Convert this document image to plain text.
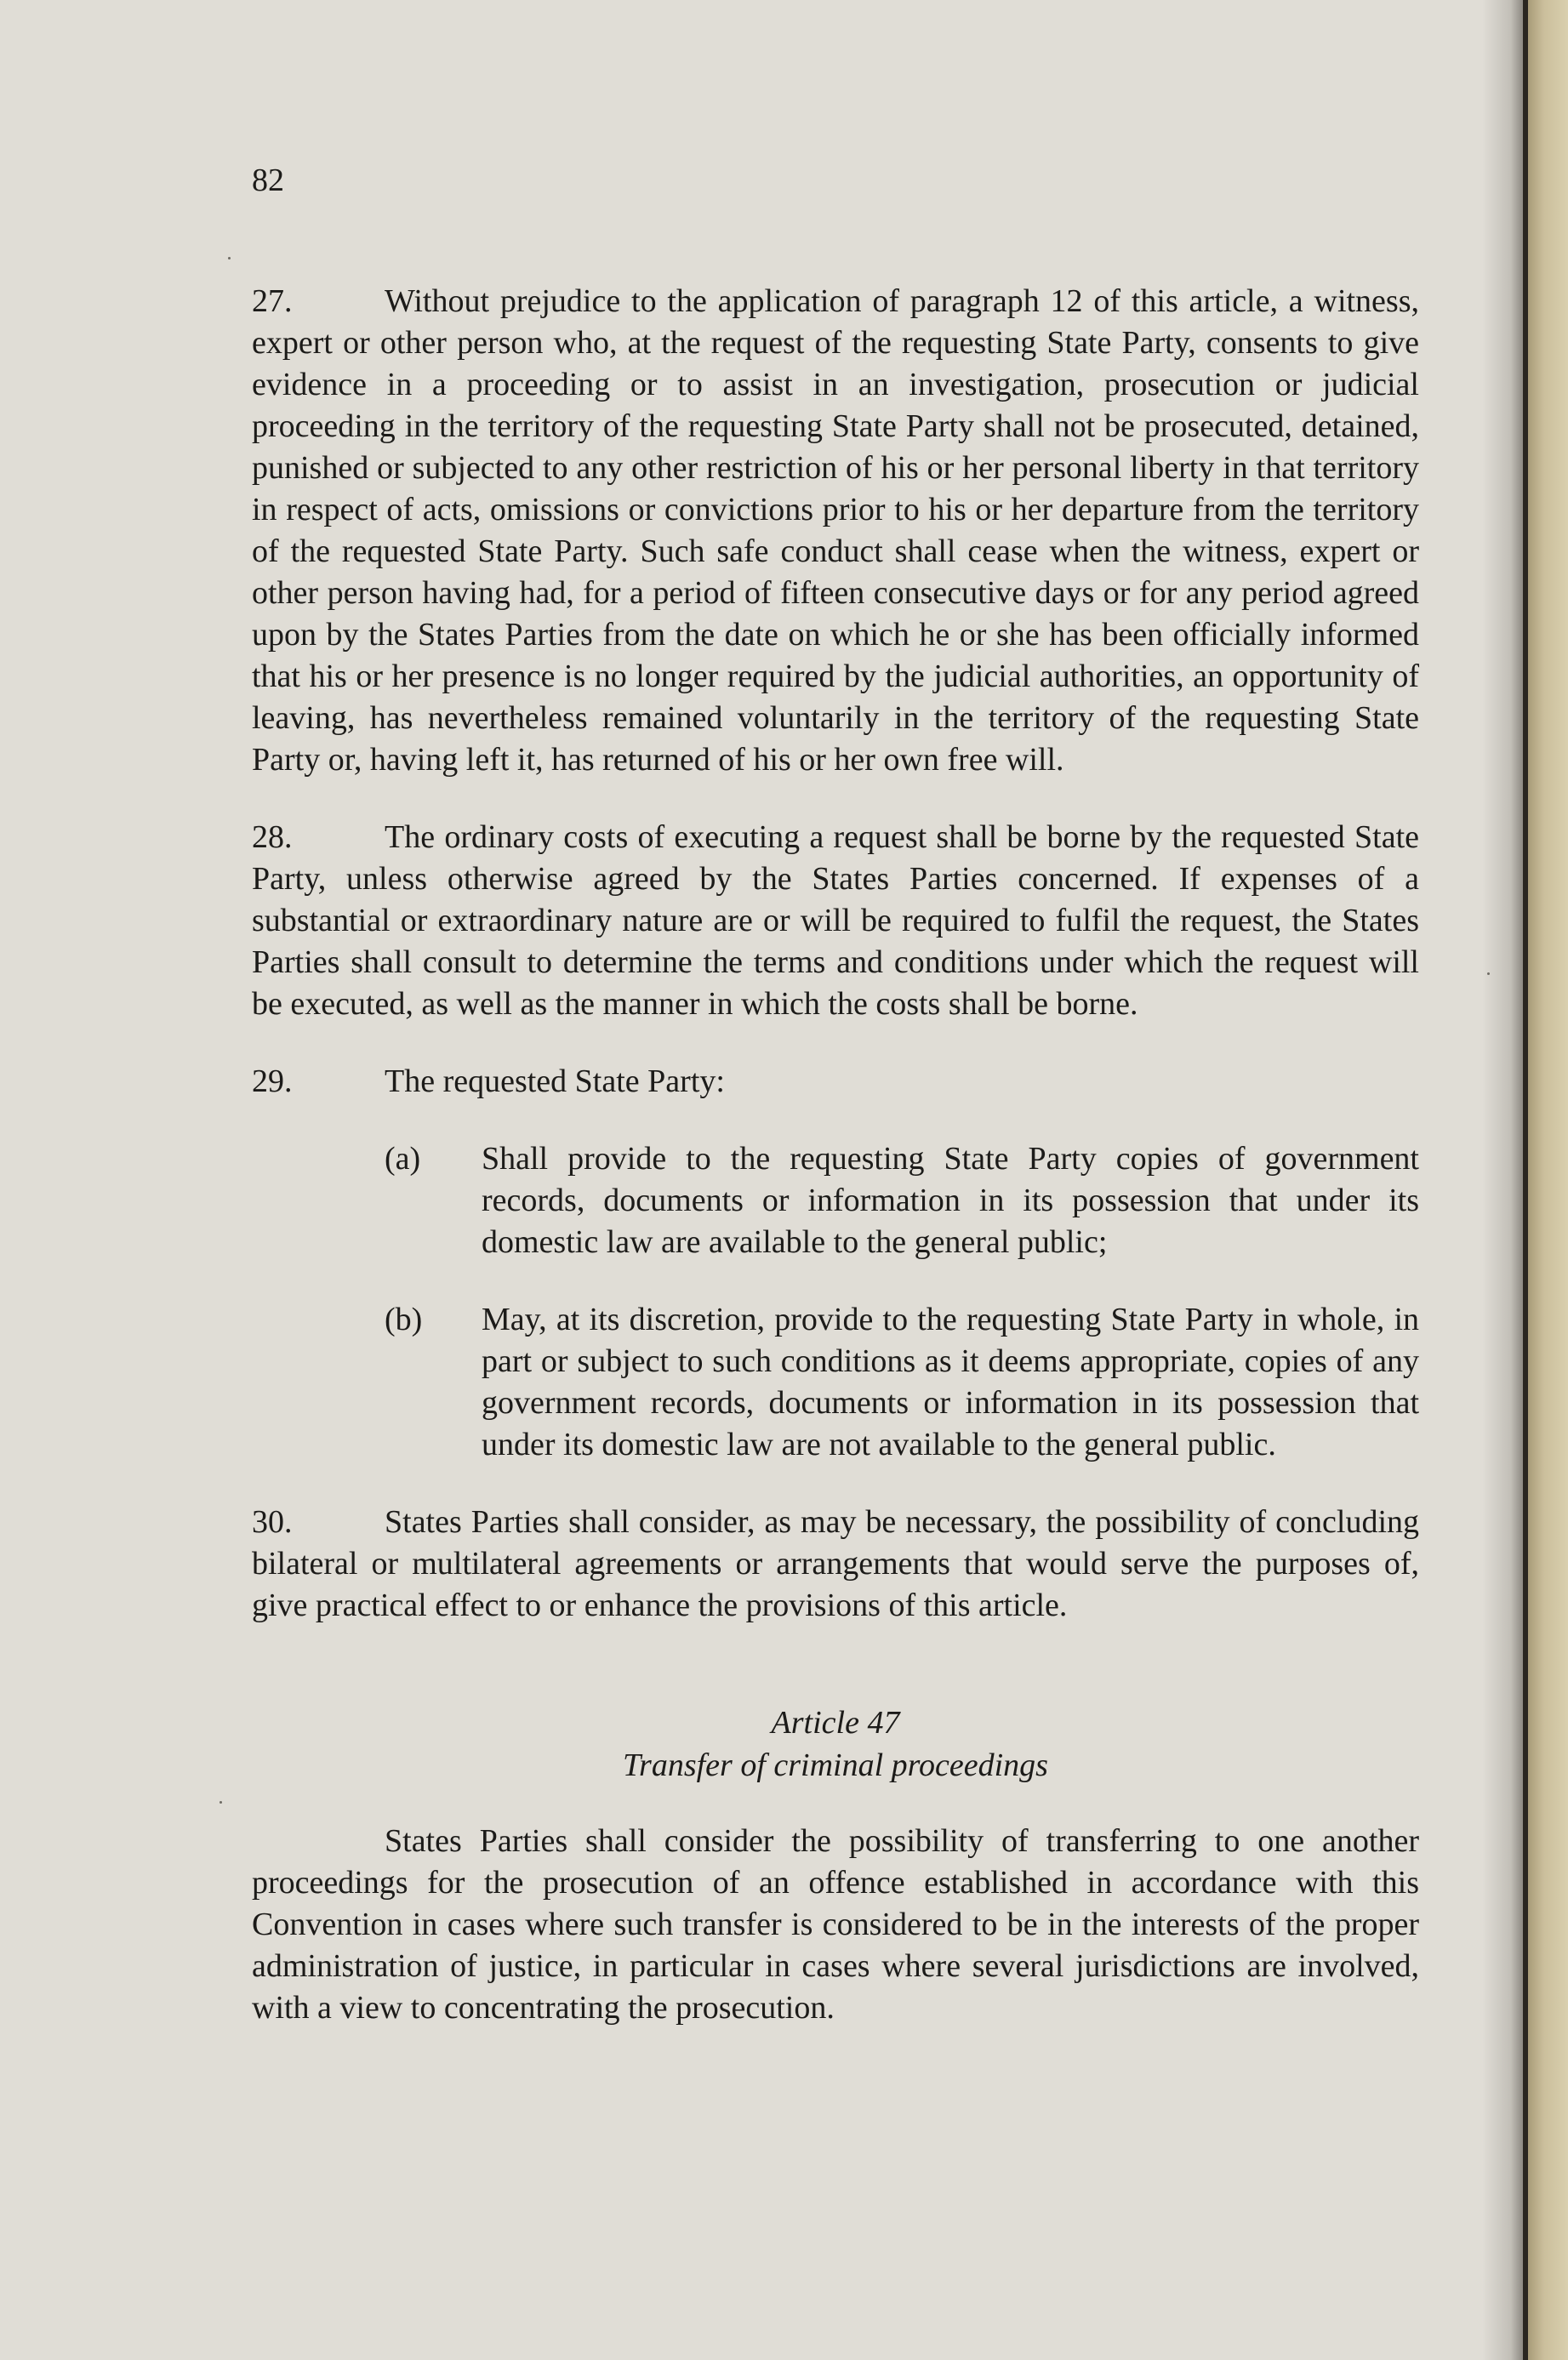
82

27.	Without prejudice to the application of paragraph 12 of this article, a witness, expert or other person who, at the request of the requesting State Party, consents to give evidence in a proceeding or to assist in an investigation, prosecution or judicial proceeding in the territory of the requesting State Party shall not be prosecuted, detained, punished or subjected to any other restriction of his or her personal liberty in that territory in respect of acts, omissions or convictions prior to his or her departure from the territory of the requested State Party. Such safe conduct shall cease when the witness, expert or other person having had, for a period of fifteen consecutive days or for any period agreed upon by the States Parties from the date on which he or she has been officially informed that his or her presence is no longer required by the judicial authorities, an opportunity of leaving, has nevertheless remained voluntarily in the territory of the requesting State Party or, having left it, has returned of his or her own free will.

28.	The ordinary costs of executing a request shall be borne by the requested State Party, unless otherwise agreed by the States Parties concerned. If expenses of a substantial or extraordinary nature are or will be required to fulfil the request, the States Parties shall consult to determine the terms and conditions under which the request will be executed, as well as the manner in which the costs shall be borne.

29.	The requested State Party:

(a) Shall provide to the requesting State Party copies of government records, documents or information in its possession that under its domestic law are available to the general public;
(b) May, at its discretion, provide to the requesting State Party in whole, in part or subject to such conditions as it deems appropriate, copies of any government records, documents or information in its possession that under its domestic law are not available to the general public.

30.	States Parties shall consider, as may be necessary, the possibility of concluding bilateral or multilateral agreements or arrangements that would serve the purposes of, give practical effect to or enhance the provisions of this article.

Article 47
Transfer of criminal proceedings

States Parties shall consider the possibility of transferring to one another proceedings for the prosecution of an offence established in accordance with this Convention in cases where such transfer is considered to be in the interests of the proper administration of justice, in particular in cases where several jurisdictions are involved, with a view to concentrating the prosecution.
